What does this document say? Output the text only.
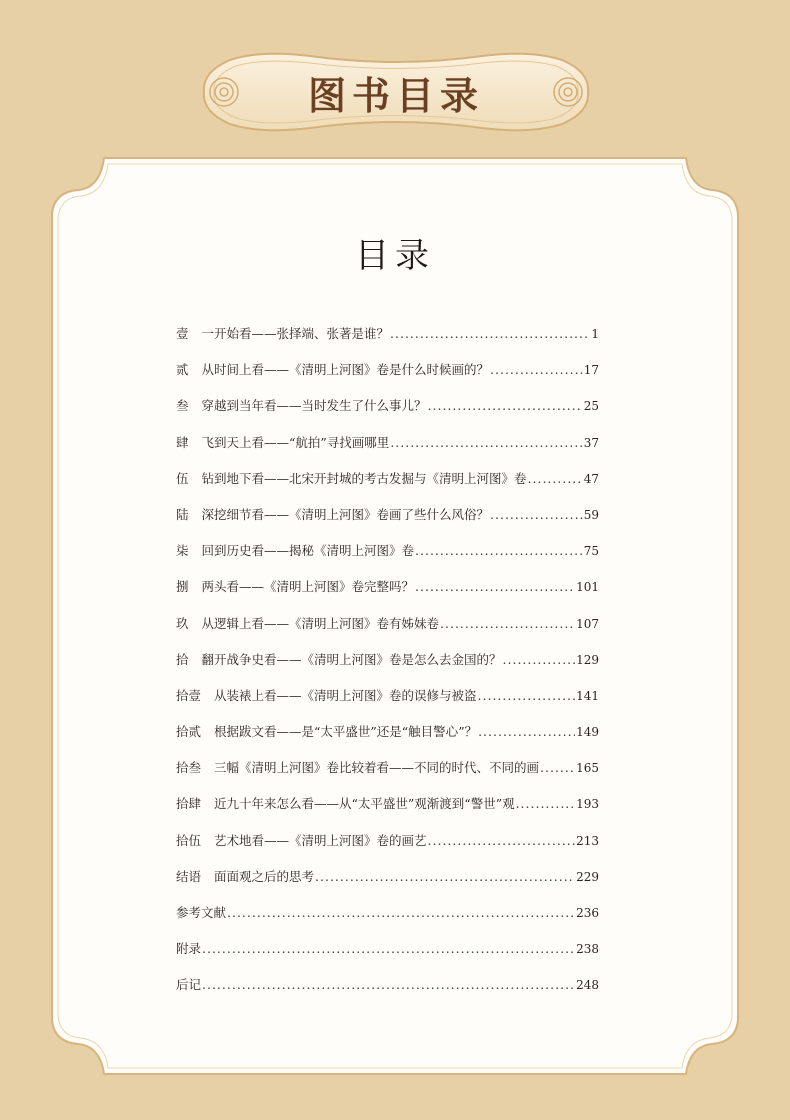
图书目录
目录
壹 一开始看——张择端、张著是谁？ .....	1
贰 从时间上看——《清明上河图》卷是什么时候画的？ .....	17
叁 穿越到当年看——当时发生了什么事儿？ .....	25
肆 飞到天上看——“航拍”寻找画哪里 .....	37
伍 钻到地下看——北宋开封城的考古发掘与《清明上河图》卷 .....	47
陆 深挖细节看——《清明上河图》卷画了些什么风俗？ .....	59
柒 回到历史看——揭秘《清明上河图》卷 .....	75
捌 两头看——《清明上河图》卷完整吗？ .....	101
玖 从逻辑上看——《清明上河图》卷有姊妹卷 .....	107
拾 翻开战争史看——《清明上河图》卷是怎么去金国的？ .....	129
拾壹 从装裱上看——《清明上河图》卷的误修与被盗 .....	141
拾贰 根据跋文看——是“太平盛世”还是“触目警心”？ .....	149
拾叁 三幅《清明上河图》卷比较着看——不同的时代、不同的画 .....	165
拾肆 近九十年来怎么看——从“太平盛世”观渐渡到“警世”观 .....	193
拾伍 艺术地看——《清明上河图》卷的画艺 .....	213
结语 面面观之后的思考 .....	229
参考文献 .....	236
附录 .....	238
后记 .....	248
